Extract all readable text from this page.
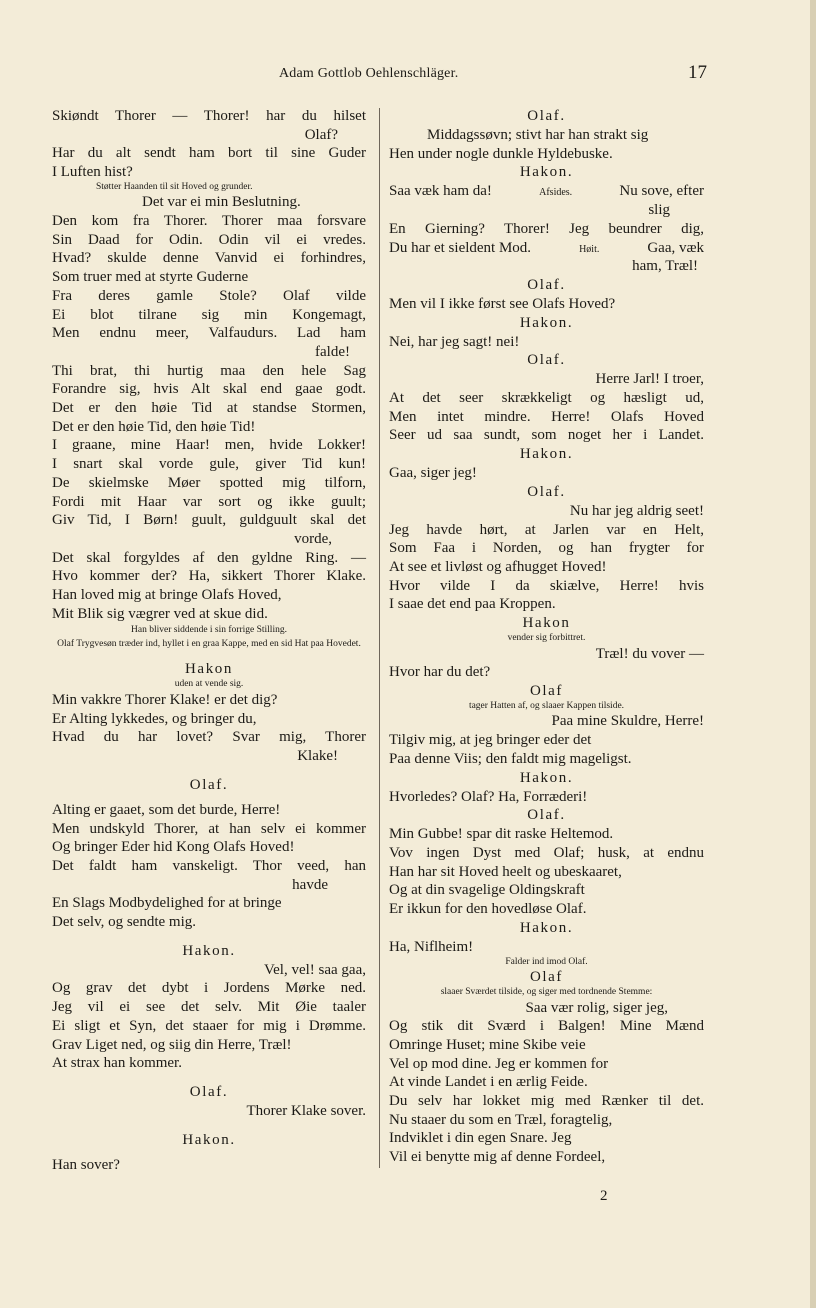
Adam Gottlob Oehlenschläger.	17
Skiøndt Thorer — Thorer! har du hilset
Olaf?
Har du alt sendt ham bort til sine Guder
I Luften hist?
Støtter Haanden til sit Hoved og grunder.
Det var ei min Beslutning.
Den kom fra Thorer. Thorer maa forsvare
Sin Daad for Odin. Odin vil ei vredes.
Hvad? skulde denne Vanvid ei forhindres,
Som truer med at styrte Guderne
Fra deres gamle Stole? Olaf vilde
Ei blot tilrane sig min Kongemagt,
Men endnu meer, Valfaudurs. Lad ham
falde!
Thi brat, thi hurtig maa den hele Sag
Forandre sig, hvis Alt skal end gaae godt.
Det er den høie Tid at standse Stormen,
Det er den høie Tid, den høie Tid!
I graane, mine Haar! men, hvide Lokker!
I snart skal vorde gule, giver Tid kun!
De skielmske Møer spotted mig tilforn,
Fordi mit Haar var sort og ikke guult;
Giv Tid, I Børn! guult, guldguult skal det
vorde,
Det skal forgyldes af den gyldne Ring. —
Hvo kommer der? Ha, sikkert Thorer Klake.
Han loved mig at bringe Olafs Hoved,
Mit Blik sig vægrer ved at skue did.
Han bliver siddende i sin forrige Stilling.
Olaf Trygvesøn træder ind, hyllet i en graa Kappe, med en sid Hat paa Hovedet.
Hakon
uden at vende sig.
Min vakkre Thorer Klake! er det dig?
Er Alting lykkedes, og bringer du,
Hvad du har lovet? Svar mig, Thorer
Klake!
Olaf.
Alting er gaaet, som det burde, Herre!
Men undskyld Thorer, at han selv ei kommer
Og bringer Eder hid Kong Olafs Hoved!
Det faldt ham vanskeligt. Thor veed, han
havde
En Slags Modbydelighed for at bringe
Det selv, og sendte mig.
Hakon.
Vel, vel! saa gaa,
Og grav det dybt i Jordens Mørke ned.
Jeg vil ei see det selv. Mit Øie taaler
Ei sligt et Syn, det staaer for mig i Drømme.
Grav Liget ned, og siig din Herre, Træl!
At strax han kommer.
Olaf.
Thorer Klake sover.
Hakon.
Han sover?
Olaf.
Middagssøvn; stivt har han strakt sig
Hen under nogle dunkle Hyldebuske.
Hakon.
Saa væk ham da!	Afsides.	Nu sove, efter
slig
En Gierning? Thorer! Jeg beundrer dig,
Du har et sieldent Mod.	Høit.	Gaa, væk
ham, Træl!
Olaf.
Men vil I ikke først see Olafs Hoved?
Hakon.
Nei, har jeg sagt! nei!
Olaf.
Herre Jarl! I troer,
At det seer skrækkeligt og hæsligt ud,
Men intet mindre. Herre! Olafs Hoved
Seer ud saa sundt, som noget her i Landet.
Hakon.
Gaa, siger jeg!
Olaf.
Nu har jeg aldrig seet!
Jeg havde hørt, at Jarlen var en Helt,
Som Faa i Norden, og han frygter for
At see et livløst og afhugget Hoved!
Hvor vilde I da skiælve, Herre! hvis
I saae det end paa Kroppen.
Hakon
vender sig forbittret.
Træl! du vover —
Hvor har du det?
Olaf
tager Hatten af, og slaaer Kappen tilside.
Paa mine Skuldre, Herre!
Tilgiv mig, at jeg bringer eder det
Paa denne Viis; den faldt mig mageligst.
Hakon.
Hvorledes? Olaf? Ha, Forræderi!
Olaf.
Min Gubbe! spar dit raske Heltemod.
Vov ingen Dyst med Olaf; husk, at endnu
Han har sit Hoved heelt og ubeskaaret,
Og at din svagelige Oldingskraft
Er ikkun for den hovedløse Olaf.
Hakon.
Ha, Niflheim!
Falder ind imod Olaf.
Olaf
slaaer Sværdet tilside, og siger med tordnende Stemme:
Saa vær rolig, siger jeg,
Og stik dit Sværd i Balgen! Mine Mænd
Omringe Huset; mine Skibe veie
Vel op mod dine. Jeg er kommen for
At vinde Landet i en ærlig Feide.
Du selv har lokket mig med Rænker til det.
Nu staaer du som en Træl, foragtelig,
Indviklet i din egen Snare. Jeg
Vil ei benytte mig af denne Fordeel,
2
